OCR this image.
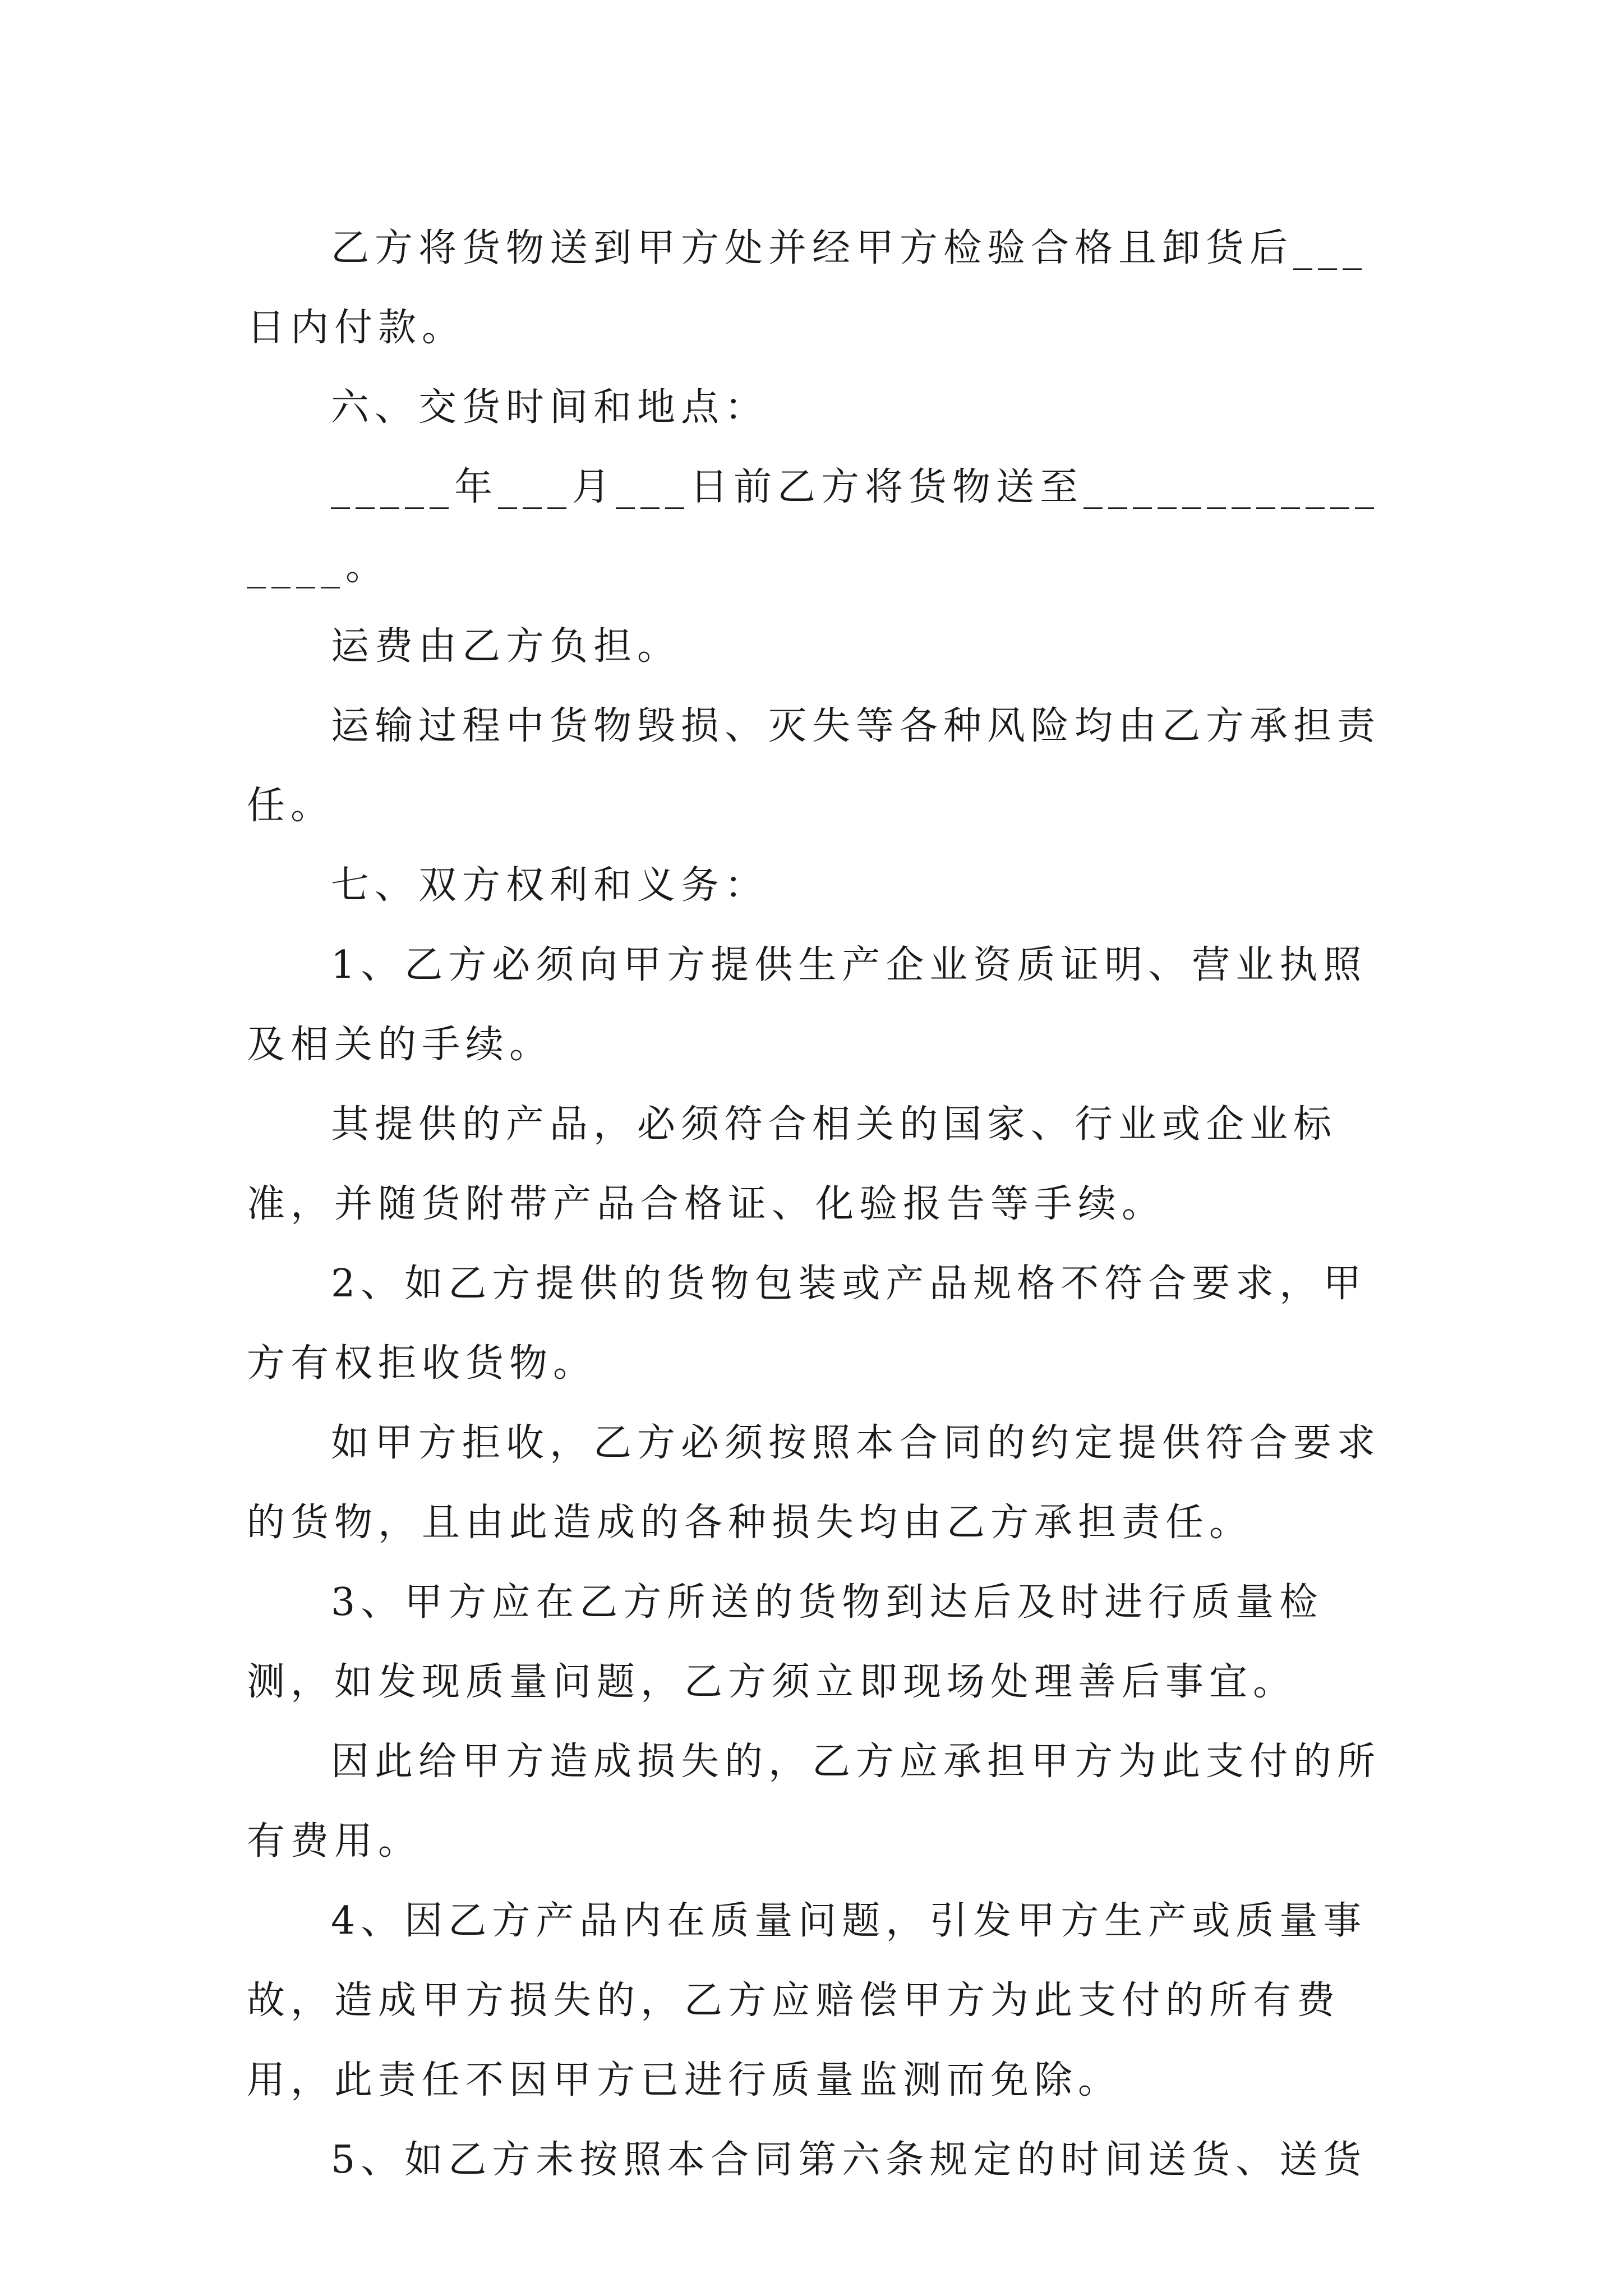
乙方将货物送到甲方处并经甲方检验合格且卸货后___日内付款。

六、交货时间和地点：

_____年___月___日前乙方将货物送至________________。

运费由乙方负担。

运输过程中货物毁损、灭失等各种风险均由乙方承担责任。

七、双方权利和义务：

1、乙方必须向甲方提供生产企业资质证明、营业执照及相关的手续。

其提供的产品，必须符合相关的国家、行业或企业标准，并随货附带产品合格证、化验报告等手续。

2、如乙方提供的货物包装或产品规格不符合要求，甲方有权拒收货物。

如甲方拒收，乙方必须按照本合同的约定提供符合要求的货物，且由此造成的各种损失均由乙方承担责任。

3、甲方应在乙方所送的货物到达后及时进行质量检测，如发现质量问题，乙方须立即现场处理善后事宜。

因此给甲方造成损失的，乙方应承担甲方为此支付的所有费用。

4、因乙方产品内在质量问题，引发甲方生产或质量事故，造成甲方损失的，乙方应赔偿甲方为此支付的所有费用，此责任不因甲方已进行质量监测而免除。

5、如乙方未按照本合同第六条规定的时间送货、送货
